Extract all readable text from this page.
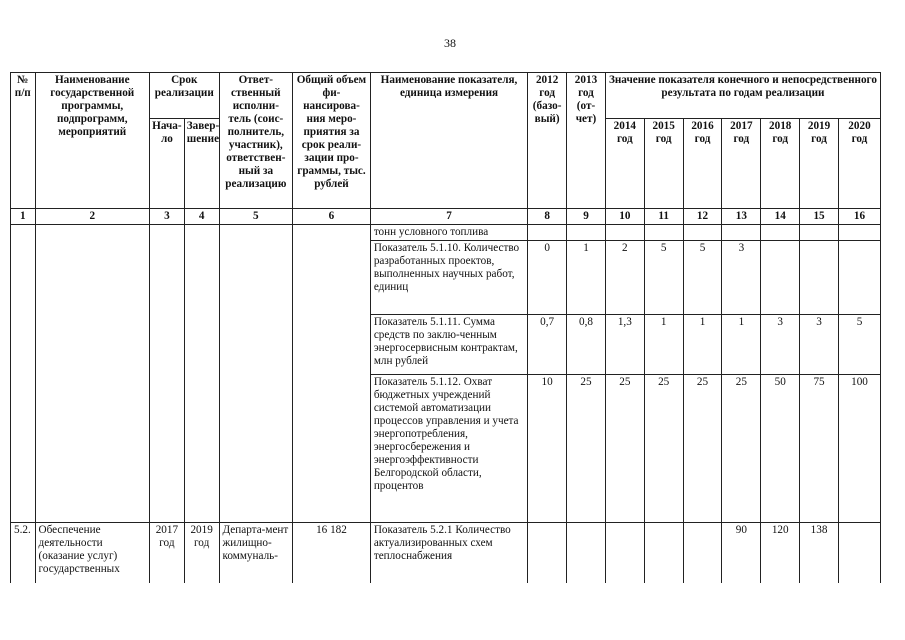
38
№ п/п	Наименование государственной программы, подпрограмм, мероприятий	Срок реализации		Ответ-ственный исполни-тель (соис-полнитель, участник), ответствен-ный за реализацию	Общий объем фи-нансирова-ния меро-приятия за срок реали-зации про-граммы, тыс. рублей	Наименование показателя, единица измерения	2012 год (базо-вый)	2013 год (от-чет)	Значение показателя конечного и непосредственного результата по годам реализации						
		Нача-ло	Завер-шение						2014 год	2015 год	2016 год	2017 год	2018 год	2019 год	2020 год
1	2	3	4	5	6	7	8	9	10	11	12	13	14	15	16
						тонн условного топлива									
						Показатель 5.1.10. Количество разработанных проектов, выполненных научных работ, единиц	0	1	2	5	5	3			
						Показатель 5.1.11. Сумма средств по заклю-ченным энергосервисным контрактам, млн рублей	0,7	0,8	1,3	1	1	1	3	3	5
						Показатель 5.1.12. Охват бюджетных учреждений системой автоматизации процессов управления и учета энергопотребления, энергосбережения и энергоэффективности Белгородской области, процентов	10	25	25	25	25	25	50	75	100
5.2.	Обеспечение деятельности (оказание услуг) государственных	2017 год	2019 год	Департа-мент жилищно-коммуналь-	16 182	Показатель 5.2.1 Количество актуализированных схем теплоснабжения						90	120	138	
